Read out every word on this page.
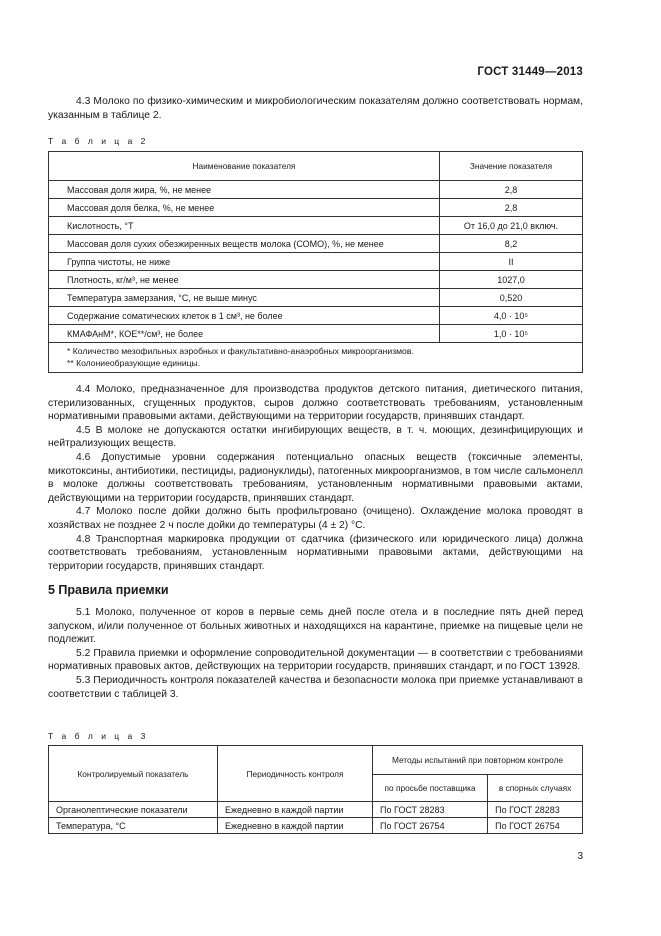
ГОСТ 31449—2013

4.3 Молоко по физико-химическим и микробиологическим показателям должно соответствовать нормам, указанным в таблице 2.

Т а б л и ц а 2
Наименование показателя	Значение показателя
Массовая доля жира, %, не менее	2,8
Массовая доля белка, %, не менее	2,8
Кислотность, °Т	От 16,0 до 21,0 включ.
Массовая доля сухих обезжиренных веществ молока (СОМО), %, не менее	8,2
Группа чистоты, не ниже	II
Плотность, кг/м³, не менее	1027,0
Температура замерзания, °С, не выше минус	0,520
Содержание соматических клеток в 1 см³, не более	4,0 · 10⁵
КМАФАнМ*, КОЕ**/см³, не более	1,0 · 10⁵

* Количество мезофильных аэробных и факультативно-анаэробных микроорганизмов.
** Колониеобразующие единицы.	

4.4 Молоко, предназначенное для производства продуктов детского питания, диетического питания, стерилизованных, сгущенных продуктов, сыров должно соответствовать требованиям, установленным нормативными правовыми актами, действующими на территории государств, принявших стандарт.

4.5 В молоке не допускаются остатки ингибирующих веществ, в т. ч. моющих, дезинфицирующих и нейтрализующих веществ.

4.6 Допустимые уровни содержания потенциально опасных веществ (токсичные элементы, микотоксины, антибиотики, пестициды, радионуклиды), патогенных микроорганизмов, в том числе сальмонелл в молоке должны соответствовать требованиям, установленным нормативными правовыми актами, действующими на территории государств, принявших стандарт.

4.7 Молоко после дойки должно быть профильтровано (очищено). Охлаждение молока проводят в хозяйствах не позднее 2 ч после дойки до температуры (4 ± 2) °С.

4.8 Транспортная маркировка продукции от сдатчика (физического или юридического лица) должна соответствовать требованиям, установленным нормативными правовыми актами, действующими на территории государств, принявших стандарт.

5 Правила приемки

5.1 Молоко, полученное от коров в первые семь дней после отела и в последние пять дней перед запуском, и/или полученное от больных животных и находящихся на карантине, приемке на пищевые цели не подлежит.

5.2 Правила приемки и оформление сопроводительной документации — в соответствии с требованиями нормативных правовых актов, действующих на территории государств, принявших стандарт, и по ГОСТ 13928.

5.3 Периодичность контроля показателей качества и безопасности молока при приемке устанавливают в соответствии с таблицей 3.

Т а б л и ц а 3
Контролируемый показатель	Периодичность контроля	Методы испытаний при повторном контроле	
		по просьбе поставщика	в спорных случаях
Органолептические показатели	Ежедневно в каждой партии	По ГОСТ 28283	По ГОСТ 28283
Температура, °С	Ежедневно в каждой партии	По ГОСТ 26754	По ГОСТ 26754
3
